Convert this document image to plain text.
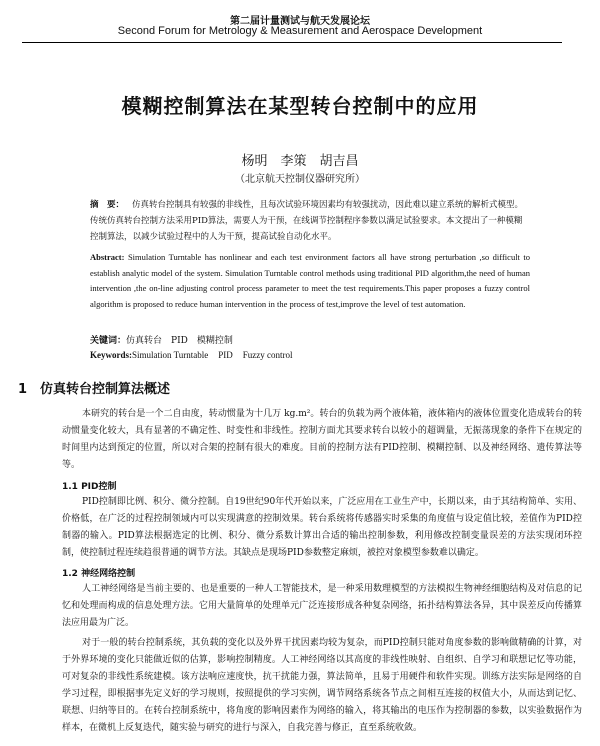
第二届计量测试与航天发展论坛
Second Forum for Metrology & Measurement and Aerospace Development
模糊控制算法在某型转台控制中的应用
杨明　李策　胡吉昌
（北京航天控制仪器研究所）
摘　要： 仿真转台控制具有较强的非线性，且每次试验环境因素均有较强扰动，因此难以建立系统的解析式模型。传统仿真转台控制方法采用PID算法，需要人为干预，在线调节控制程序参数以满足试验要求。本文提出了一种模糊控制算法，以减少试验过程中的人为干预，提高试验自动化水平。
Abstract: Simulation Turntable has nonlinear and each test environment factors all have strong perturbation ,so difficult to establish analytic model of the system. Simulation Turntable control methods using traditional PID algorithm,the need of human intervention ,the on-line adjusting control process parameter to meet the test requirements.This paper proposes a fuzzy control algorithm is proposed to reduce human intervention in the process of test,improve the level of test automation.
关键词：仿真转台　PID　模糊控制
Keywords:Simulation Turntable PID Fuzzy control
1　仿真转台控制算法概述
本研究的转台是一个二自由度，转动惯量为十几万 kg.m²。转台的负载为两个液体箱，液体箱内的液体位置变化造成转台的转动惯量变化较大，具有显著的不确定性、时变性和非线性。控制方面尤其要求转台以较小的超调量，无振荡现象的条件下在规定的时间里内达到预定的位置，所以对合架的控制有很大的难度。目前的控制方法有PID控制、模糊控制、以及神经网络、遗传算法等等。
1.1 PID控制
PID控制即比例、积分、微分控制。自19世纪90年代开始以来，广泛应用在工业生产中，长期以来，由于其结构简单、实用、价格低，在广泛的过程控制领域内可以实现满意的控制效果。转台系统将传感器实时采集的角度值与设定值比较，差值作为PID控制器的输入。PID算法根据选定的比例、积分、微分系数计算出合适的输出控制参数，利用修改控制变量误差的方法实现闭环控制，使控制过程连续趋很普通的调节方法。其缺点是现场PID参数整定麻烦，被控对象模型参数难以确定。
1.2 神经网络控制
人工神经网络是当前主要的、也是重要的一种人工智能技术，是一种采用数理模型的方法模拟生物神经细胞结构及对信息的记忆和处理而构成的信息处理方法。它用大量简单的处理单元广泛连接形成各种复杂网络，拓扑结构算法各异，其中误差反向传播算法应用最为广泛。
对于一般的转台控制系统，其负载的变化以及外界干扰因素均较为复杂，而PID控制只能对角度参数的影响做精确的计算，对于外界环境的变化只能做近似的估算，影响控制精度。人工神经网络以其高度的非线性映射、自组织、自学习和联想记忆等功能，可对复杂的非线性系统建模。该方法响应速度快，抗干扰能力强，算法简单，且易于用硬件和软件实现。训练方法实际是网络的自学习过程，即根据事先定义好的学习规则，按照提供的学习实例，调节网络系统各节点之间相互连接的权值大小，从而达到记忆、联想、归纳等目的。在转台控制系统中，将角度的影响因素作为网络的输入，将其输出的电压作为控制器的参数，以实验数据作为样本，在微机上反复迭代，随实验与研究的进行与深入，自我完善与修正，直至系统收敛。
